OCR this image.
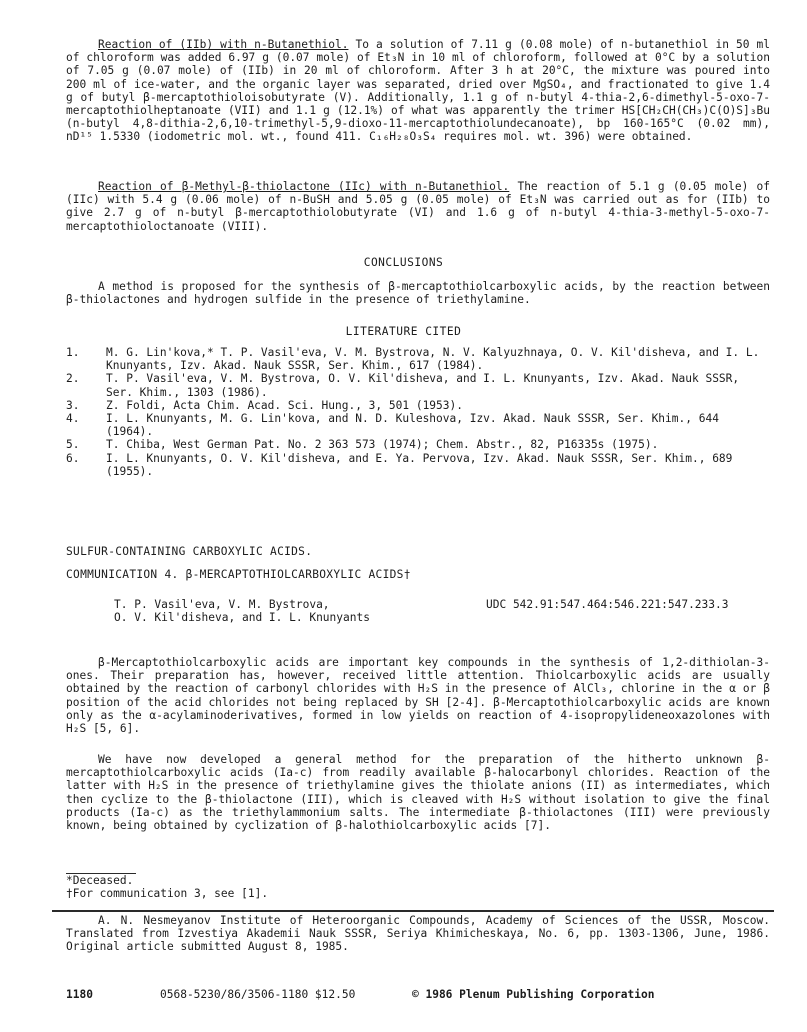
Reaction of (IIb) with n-Butanethiol. To a solution of 7.11 g (0.08 mole) of n-butanethiol in 50 ml of chloroform was added 6.97 g (0.07 mole) of Et₃N in 10 ml of chloroform, followed at 0°C by a solution of 7.05 g (0.07 mole) of (IIb) in 20 ml of chloroform. After 3 h at 20°C, the mixture was poured into 200 ml of ice-water, and the organic layer was separated, dried over MgSO₄, and fractionated to give 1.4 g of butyl β-mercaptothioloisobutyrate (V). Additionally, 1.1 g of n-butyl 4-thia-2,6-dimethyl-5-oxo-7-mercaptothiolheptanoate (VII) and 1.1 g (12.1%) of what was apparently the trimer HS[CH₂CH(CH₃)C(O)S]₃Bu (n-butyl 4,8-dithia-2,6,10-trimethyl-5,9-dioxo-11-mercaptothiolundecanoate), bp 160-165°C (0.02 mm), nD¹⁵ 1.5330 (iodometric mol. wt., found 411. C₁₆H₂₈O₃S₄ requires mol. wt. 396) were obtained.

Reaction of β-Methyl-β-thiolactone (IIc) with n-Butanethiol. The reaction of 5.1 g (0.05 mole) of (IIc) with 5.4 g (0.06 mole) of n-BuSH and 5.05 g (0.05 mole) of Et₃N was carried out as for (IIb) to give 2.7 g of n-butyl β-mercaptothiolobutyrate (VI) and 1.6 g of n-butyl 4-thia-3-methyl-5-oxo-7-mercaptothioloctanoate (VIII).

CONCLUSIONS

A method is proposed for the synthesis of β-mercaptothiolcarboxylic acids, by the reaction between β-thiolactones and hydrogen sulfide in the presence of triethylamine.

LITERATURE CITED
1. M. G. Lin'kova,* T. P. Vasil'eva, V. M. Bystrova, N. V. Kalyuzhnaya, O. V. Kil'disheva, and I. L. Knunyants, Izv. Akad. Nauk SSSR, Ser. Khim., 617 (1984).
2. T. P. Vasil'eva, V. M. Bystrova, O. V. Kil'disheva, and I. L. Knunyants, Izv. Akad. Nauk SSSR, Ser. Khim., 1303 (1986).
3. Z. Foldi, Acta Chim. Acad. Sci. Hung., 3, 501 (1953).
4. I. L. Knunyants, M. G. Lin'kova, and N. D. Kuleshova, Izv. Akad. Nauk SSSR, Ser. Khim., 644 (1964).
5. T. Chiba, West German Pat. No. 2 363 573 (1974); Chem. Abstr., 82, P16335s (1975).
6. I. L. Knunyants, O. V. Kil'disheva, and E. Ya. Pervova, Izv. Akad. Nauk SSSR, Ser. Khim., 689 (1955).
SULFUR-CONTAINING CARBOXYLIC ACIDS.
COMMUNICATION 4. β-MERCAPTOTHIOLCARBOXYLIC ACIDS†
T. P. Vasil'eva, V. M. Bystrova,
O. V. Kil'disheva, and I. L. Knunyants
UDC 542.91:547.464:546.221:547.233.3

β-Mercaptothiolcarboxylic acids are important key compounds in the synthesis of 1,2-dithiolan-3-ones. Their preparation has, however, received little attention. Thiolcarboxylic acids are usually obtained by the reaction of carbonyl chlorides with H₂S in the presence of AlCl₃, chlorine in the α or β position of the acid chlorides not being replaced by SH [2-4]. β-Mercaptothiolcarboxylic acids are known only as the α-acylaminoderivatives, formed in low yields on reaction of 4-isopropylideneoxazolones with H₂S [5, 6].

We have now developed a general method for the preparation of the hitherto unknown β-mercaptothiolcarboxylic acids (Ia-c) from readily available β-halocarbonyl chlorides. Reaction of the latter with H₂S in the presence of triethylamine gives the thiolate anions (II) as intermediates, which then cyclize to the β-thiolactone (III), which is cleaved with H₂S without isolation to give the final products (Ia-c) as the triethylammonium salts. The intermediate β-thiolactones (III) were previously known, being obtained by cyclization of β-halothiolcarboxylic acids [7].

*Deceased.
†For communication 3, see [1].

A. N. Nesmeyanov Institute of Heteroorganic Compounds, Academy of Sciences of the USSR, Moscow. Translated from Izvestiya Akademii Nauk SSSR, Seriya Khimicheskaya, No. 6, pp. 1303-1306, June, 1986. Original article submitted August 8, 1985.

1180	0568-5230/86/3506-1180 $12.50	© 1986 Plenum Publishing Corporation
